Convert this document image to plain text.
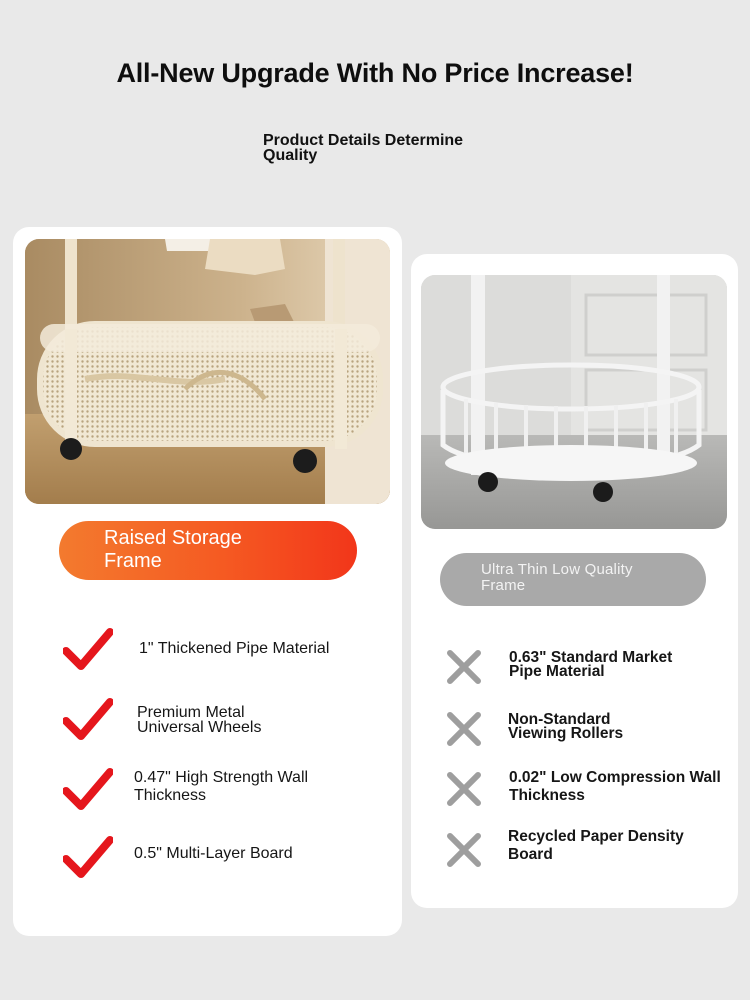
All-New Upgrade With No Price Increase!
Product Details Determine Quality
Raised Storage Frame
1" Thickened Pipe Material
Premium Metal Universal Wheels
0.47" High Strength Wall Thickness
0.5" Multi-Layer Board
Ultra Thin Low Quality Frame
0.63" Standard Market Pipe Material
Non-Standard Viewing Rollers
0.02" Low Compression Wall Thickness
Recycled Paper Density Board
